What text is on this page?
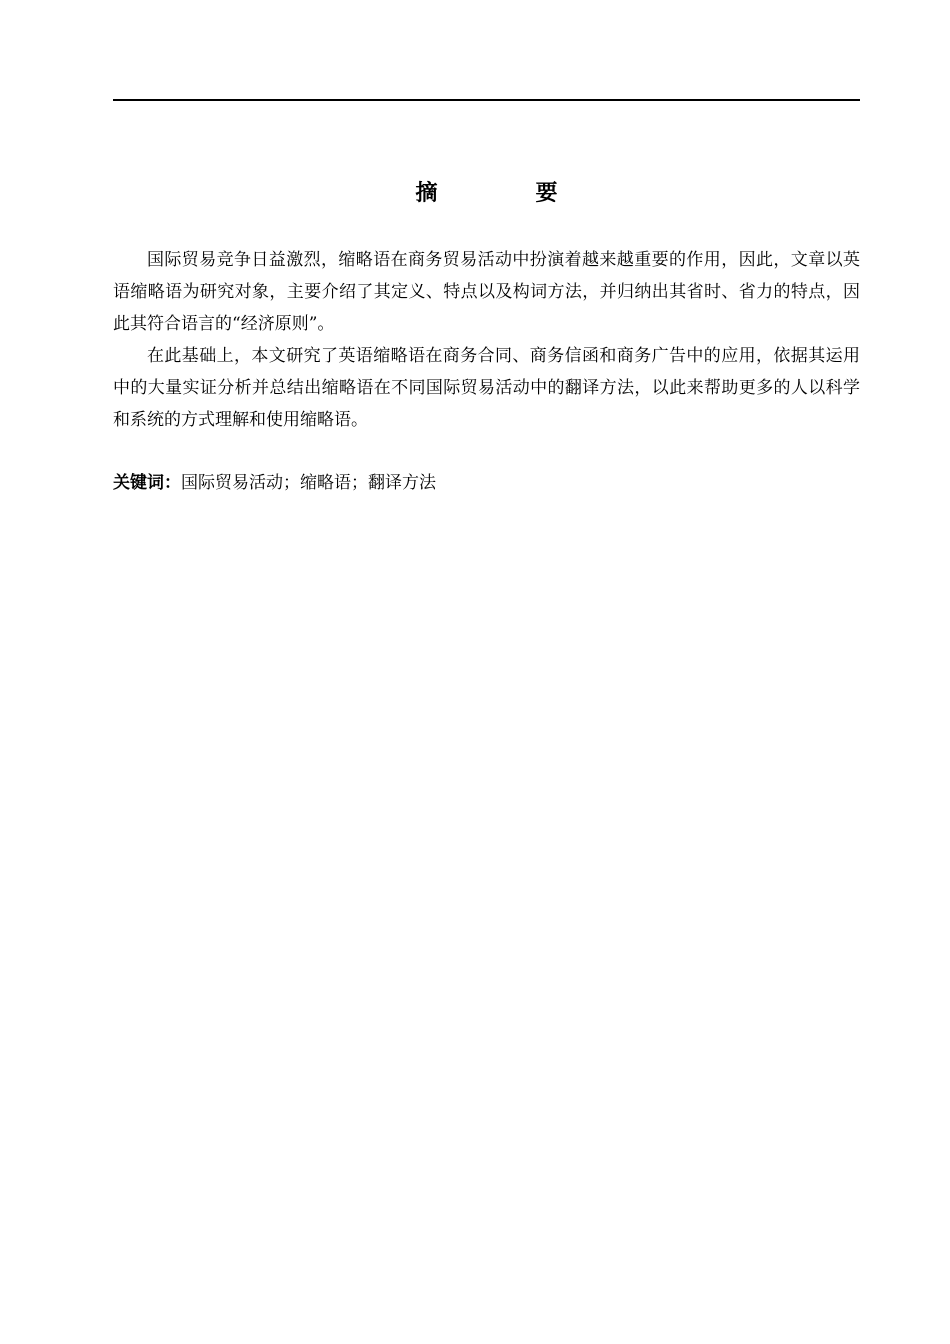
摘　要

国际贸易竞争日益激烈，缩略语在商务贸易活动中扮演着越来越重要的作用，因此，文章以英语缩略语为研究对象，主要介绍了其定义、特点以及构词方法，并归纳出其省时、省力的特点，因此其符合语言的“经济原则”。

在此基础上，本文研究了英语缩略语在商务合同、商务信函和商务广告中的应用，依据其运用中的大量实证分析并总结出缩略语在不同国际贸易活动中的翻译方法，以此来帮助更多的人以科学和系统的方式理解和使用缩略语。

关键词：国际贸易活动；缩略语；翻译方法
